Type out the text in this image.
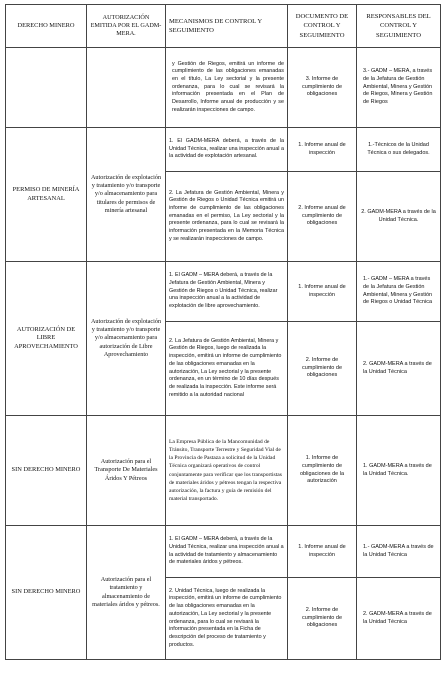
DERECHO MINERO	AUTORIZACIÓN EMITIDA POR EL GADM-MERA.	MECANISMOS DE CONTROL Y SEGUIMIENTO	DOCUMENTO DE CONTROL Y SEGUIMIENTO	RESPONSABLES DEL CONTROL Y SEGUIMIENTO
		y Gestión de Riegos, emitirá un informe de cumplimiento de las obligaciones emanadas en el título, La Ley sectorial y la presente ordenanza, para lo cual se revisará la información presentada en el Plan de Desarrollo, Informe anual de producción y se realizarán inspecciones de campo.	3. Informe de cumplimiento de obligaciones	3.- GADM – MERA, a través de la Jefatura de Gestión Ambiental, Minera y Gestión de Riegos, Minera y Gestión de Riegos
PERMISO DE MINERÍA ARTESANAL	Autorización de explotación y tratamiento y/o transporte y/o almacenamiento para titulares de permisos de minería artesanal	1. El GADM-MERA deberá, a través de la Unidad Técnica, realizar una inspección anual a la actividad de explotación artesanal.	1. Informe anual de inspección	1.-Técnicos de la Unidad Técnica o sus delegados.
		2. La Jefatura de Gestión Ambiental, Minera y Gestión de Riegos o Unidad Técnica emitirá un informe de cumplimiento de las obligaciones emanadas en el permiso, La Ley sectorial y la presente ordenanza, para lo cual se revisará la información presentada en la Memoria Técnica y se realizarán inspecciones de campo.	2. Informe anual de cumplimiento de obligaciones	2. GADM-MERA a través de la Unidad Técnica.
AUTORIZACIÓN DE LIBRE APROVECHAMIENTO	Autorización de explotación y tratamiento y/o transporte y/o almacenamiento para autorización de Libre Aprovechamiento	1. El GADM – MERA deberá, a través de la Jefatura de Gestión Ambiental, Minera y Gestión de Riegos o Unidad Técnica, realizar una inspección anual a la actividad de explotación de libre aprovechamiento.	1. Informe anual de inspección	1.- GADM – MERA a través de la Jefatura de Gestión Ambiental, Minera y Gestión de Riegos o Unidad Técnica
		2. La Jefatura de Gestión Ambiental, Minera y Gestión de Riegos, luego de realizada la inspección, emitirá un informe de cumplimiento de las obligaciones emanadas en la autorización, La Ley sectorial y la presente ordenanza, en un término de 10 días después de realizada la inspección. Este informe será remitido a la autoridad nacional	2. Informe de cumplimiento de obligaciones	2. GADM-MERA a través de la Unidad Técnica
SIN DERECHO MINERO	Autorización para el Transporte De Materiales Áridos Y Pétreos	La Empresa Pública de la Mancomunidad de Tránsito, Transporte Terrestre y Seguridad Vial de la Provincia de Pastaza a solicitud de la Unidad Técnica organizará operativos de control conjuntamente para verificar que los transportistas de materiales áridos y pétreos tengan la respectiva autorización, la factura y guía de remisión del material transportado.	1. Informe de cumplimiento de obligaciones de la autorización	1. GADM-MERA a través de la Unidad Técnica.
SIN DERECHO MINERO	Autorización para el tratamiento y almacenamiento de materiales áridos y pétreos.	1. El GADM – MERA deberá, a través de la Unidad Técnica, realizar una inspección anual a la actividad de tratamiento y almacenamiento de materiales áridos y pétreos.	1. Informe anual de inspección	1.- GADM-MERA a través de la Unidad Técnica
		2. Unidad Técnica, luego de realizada la inspección, emitirá un informe de cumplimiento de las obligaciones emanadas en la autorización, La Ley sectorial y la presente ordenanza, para lo cual se revisará la información presentada en la Ficha de descripción del proceso de tratamiento y productos.	2. Informe de cumplimiento de obligaciones	2. GADM-MERA a través de la Unidad Técnica
